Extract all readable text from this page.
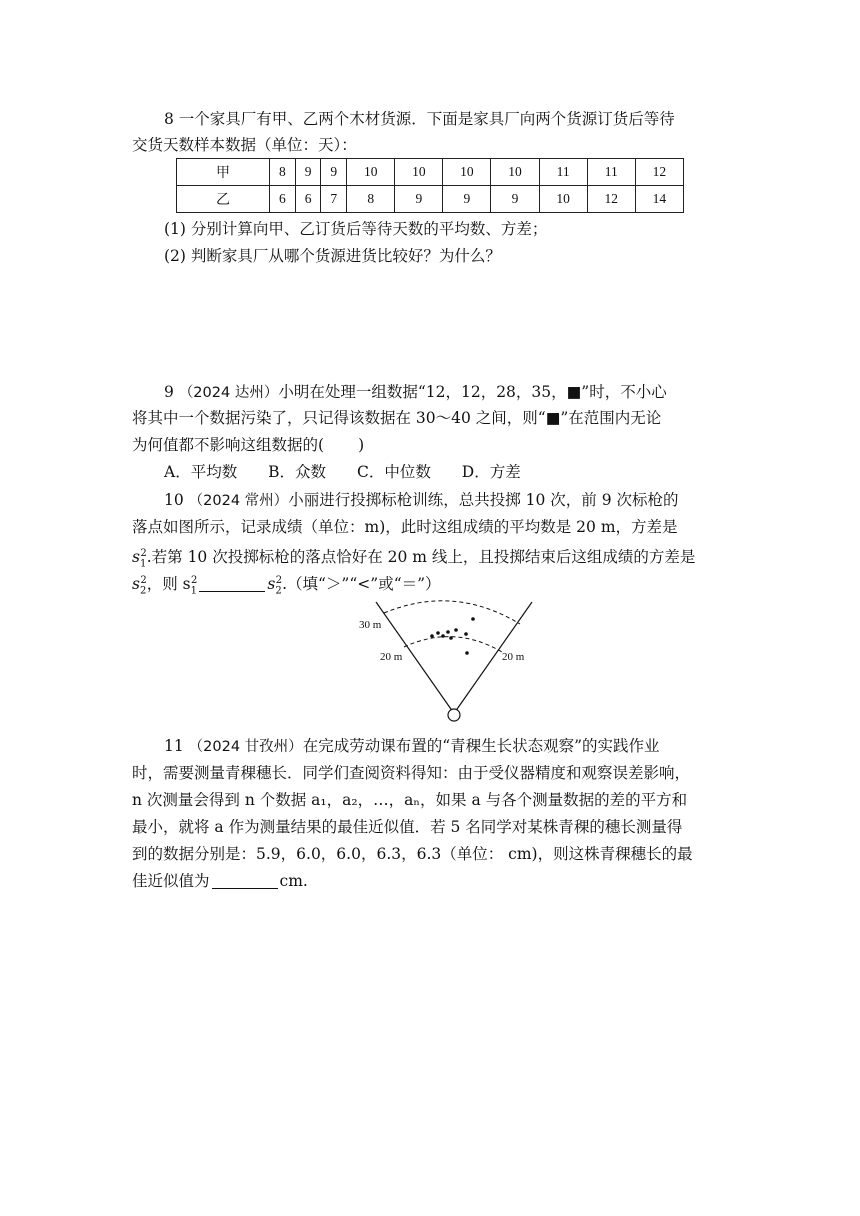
8 一个家具厂有甲、乙两个木材货源．下面是家具厂向两个货源订货后等待
交货天数样本数据（单位：天）：
甲	8	9	9	10	10	10	10	11	11	12
乙	6	6	7	8	9	9	9	10	12	14
(1) 分别计算向甲、乙订货后等待天数的平均数、方差；
(2) 判断家具厂从哪个货源进货比较好？为什么？
9 （2024 达州）小明在处理一组数据“12，12，28，35，■”时，不小心
将其中一个数据污染了，只记得该数据在 30～40 之间，则“■”在范围内无论
为何值都不影响这组数据的( )
A．平均数 B．众数 C．中位数 D．方差
10 （2024 常州）小丽进行投掷标枪训练，总共投掷 10 次，前 9 次标枪的
落点如图所示，记录成绩（单位：m)，此时这组成绩的平均数是 20 m，方差是
$s_1^2$.若第 10 次投掷标枪的落点恰好在 20 m 线上，且投掷结束后这组成绩的方差是
$s_2^2$，则 $s_1^2$	$s_2^2$.（填“＞”“<”或“＝”）
30 m
20 m	20 m
11 （2024 甘孜州）在完成劳动课布置的“青稞生长状态观察”的实践作业
时，需要测量青稞穗长．同学们查阅资料得知：由于受仪器精度和观察误差影响，
n 次测量会得到 n 个数据 a₁，a₂，…，aₙ，如果 a 与各个测量数据的差的平方和
最小，就将 a 作为测量结果的最佳近似值．若 5 名同学对某株青稞的穗长测量得
到的数据分别是：5.9，6.0，6.0，6.3，6.3（单位： cm)，则这株青稞穗长的最
佳近似值为	cm.
